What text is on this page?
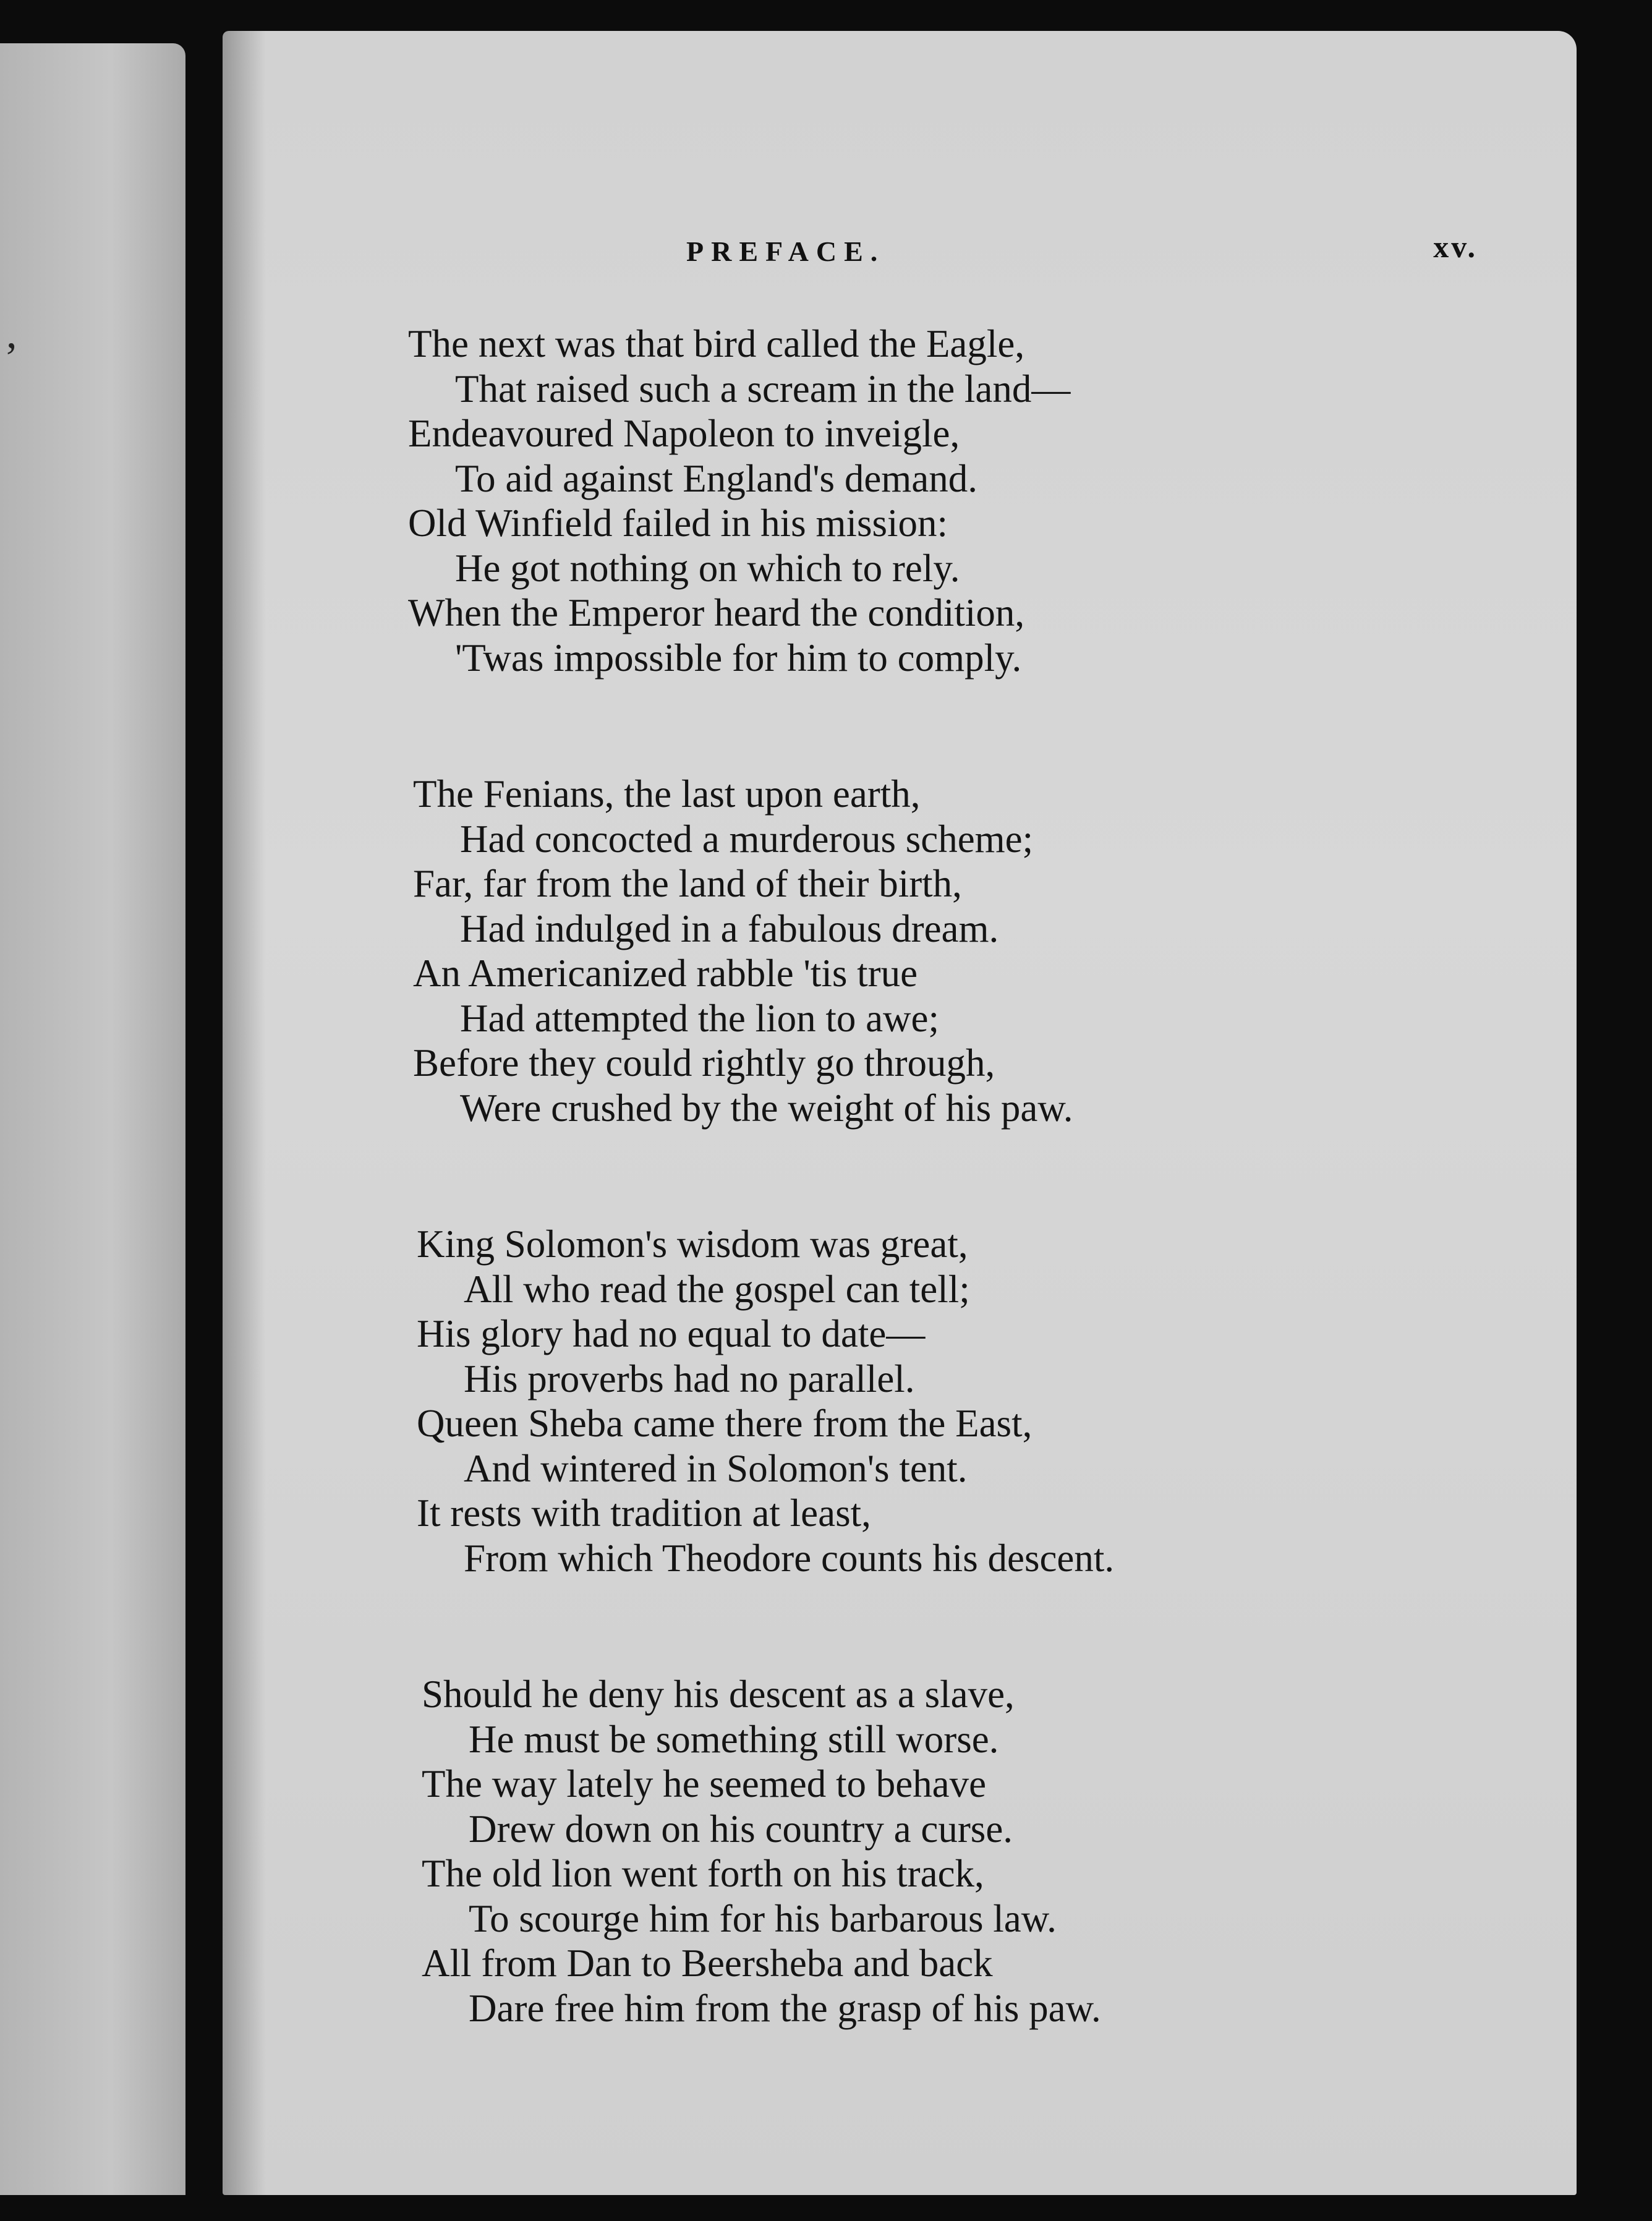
,
PREFACE.	xv.
The next was that bird called the Eagle,
That raised such a scream in the land—
Endeavoured Napoleon to inveigle,
To aid against England's demand.
Old Winfield failed in his mission:
He got nothing on which to rely.
When the Emperor heard the condition,
'Twas impossible for him to comply.
The Fenians, the last upon earth,
Had concocted a murderous scheme;
Far, far from the land of their birth,
Had indulged in a fabulous dream.
An Americanized rabble 'tis true
Had attempted the lion to awe;
Before they could rightly go through,
Were crushed by the weight of his paw.
King Solomon's wisdom was great,
All who read the gospel can tell;
His glory had no equal to date—
His proverbs had no parallel.
Queen Sheba came there from the East,
And wintered in Solomon's tent.
It rests with tradition at least,
From which Theodore counts his descent.
Should he deny his descent as a slave,
He must be something still worse.
The way lately he seemed to behave
Drew down on his country a curse.
The old lion went forth on his track,
To scourge him for his barbarous law.
All from Dan to Beersheba and back
Dare free him from the grasp of his paw.
